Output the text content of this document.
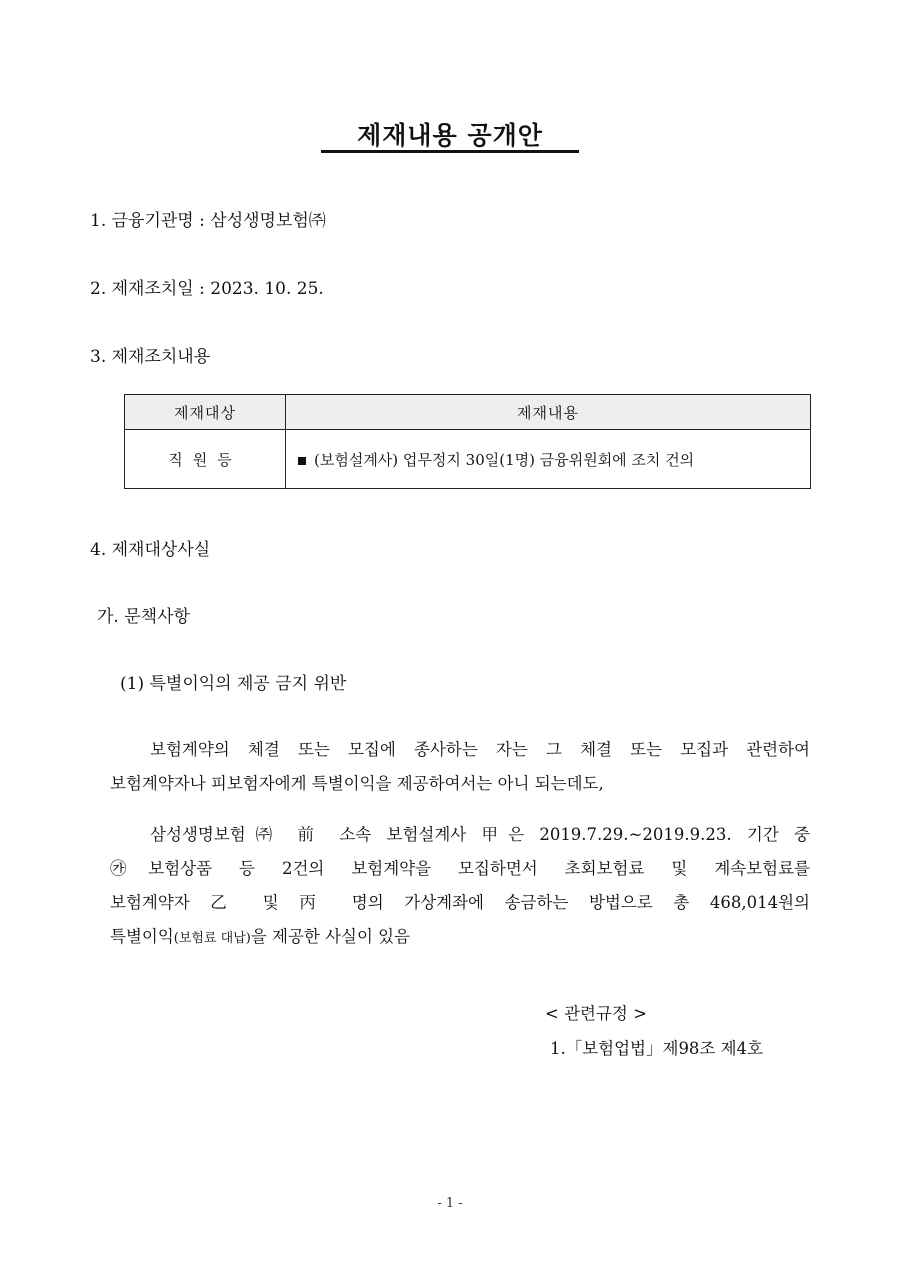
제재내용 공개안
1. 금융기관명 : 삼성생명보험㈜
2. 제재조치일 : 2023. 10. 25.
3. 제재조치내용
제재대상	제재내용
직원등	(보험설계사) 업무정지 30일(1명) 금융위원회에 조치 건의
4. 제재대상사실
가. 문책사항
(1) 특별이익의 제공 금지 위반
보험계약의 체결 또는 모집에 종사하는 자는 그 체결 또는 모집과 관련하여
보험계약자나 피보험자에게 특별이익을 제공하여서는 아니 되는데도,
삼성생명보험㈜ 前 소속 보험설계사 甲은 2019.7.29.~2019.9.23. 기간 중
㉮보험상품 등 2건의 보험계약을 모집하면서 초회보험료 및 계속보험료를
보험계약자 乙 및 丙 명의 가상계좌에 송금하는 방법으로 총 468,014원의
특별이익(보험료 대납)을 제공한 사실이 있음
< 관련규정 >
1.「보험업법」제98조 제4호
- 1 -
